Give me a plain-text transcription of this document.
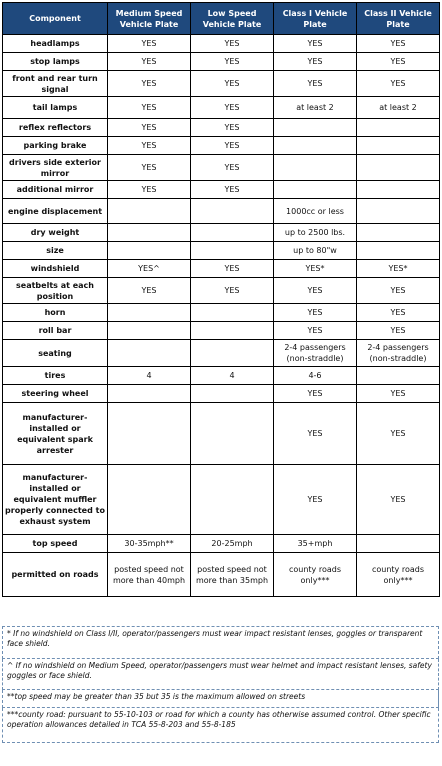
Component	Medium Speed Vehicle Plate	Low Speed Vehicle Plate	Class I Vehicle Plate	Class II Vehicle Plate
headlamps	YES	YES	YES	YES
stop lamps	YES	YES	YES	YES
front and rear turn signal	YES	YES	YES	YES
tail lamps	YES	YES	at least 2	at least 2
reflex reflectors	YES	YES		
parking brake	YES	YES		
drivers side exterior mirror	YES	YES		
additional mirror	YES	YES		
engine displacement			1000cc or less	
dry weight			up to 2500 lbs.	
size			up to 80"w	
windshield	YES^	YES	YES*	YES*
seatbelts at each position	YES	YES	YES	YES
horn			YES	YES
roll bar			YES	YES
seating			2-4 passengers (non-straddle)	2-4 passengers (non-straddle)
tires	4	4	4-6	
steering wheel			YES	YES
manufacturer-installed or equivalent spark arrester			YES	YES
manufacturer-installed or equivalent muffler properly connected to exhaust system			YES	YES
top speed	30-35mph**	20-25mph	35+mph	
permitted on roads	posted speed not more than 40mph	posted speed not more than 35mph	county roads only***	county roads only***
* If no windshield on Class I/II, operator/passengers must wear impact resistant lenses, goggles or transparent face shield.
^ If no windshield on Medium Speed, operator/passengers must wear helmet and impact resistant lenses, safety goggles or face shield.
**top speed may be greater than 35 but 35 is the maximum allowed on streets
***county road: pursuant to 55-10-103 or road for which a county has otherwise assumed control. Other specific operation allowances detailed in TCA 55-8-203 and 55-8-185
